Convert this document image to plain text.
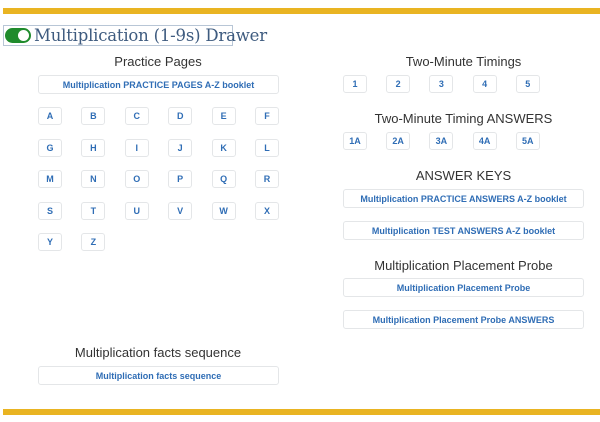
Multiplication (1-9s) Drawer
Practice Pages
Multiplication PRACTICE PAGES A-Z booklet
A	B	C	D	E	F
G	H	I	J	K	L
M	N	O	P	Q	R
S	T	U	V	W	X
Y	Z
Two-Minute Timings
1	2	3	4	5
Two-Minute Timing ANSWERS
1A	2A	3A	4A	5A
ANSWER KEYS
Multiplication PRACTICE ANSWERS A-Z booklet
Multiplication TEST ANSWERS A-Z booklet
Multiplication Placement Probe
Multiplication Placement Probe
Multiplication Placement Probe ANSWERS
Multiplication facts sequence
Multiplication facts sequence
